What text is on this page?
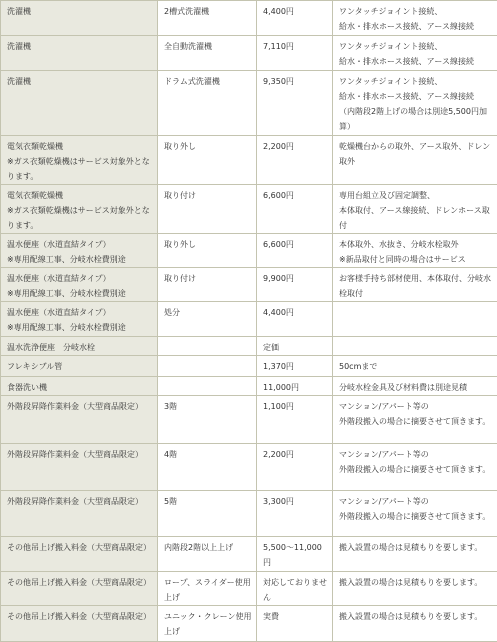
洗濯機	2槽式洗濯機	4,400円	ワンタッチジョイント接続、
給水・排水ホース接続、アース線接続

洗濯機	全自動洗濯機	7,110円	ワンタッチジョイント接続、
給水・排水ホース接続、アース線接続

洗濯機	ドラム式洗濯機	9,350円	ワンタッチジョイント接続、
給水・排水ホース接続、アース線接続
（内階段2階上げの場合は別途5,500円加算）

電気衣類乾燥機
※ガス衣類乾燥機はサービス対象外となります。	取り外し	2,200円	乾燥機台からの取外、アース取外、ドレン取外

電気衣類乾燥機
※ガス衣類乾燥機はサービス対象外となります。	取り付け	6,600円	専用台組立及び固定調整、
本体取付、アース線接続、ドレンホース取付

温水便座（水道直結タイプ）
※専用配線工事、分岐水栓費別途	取り外し	6,600円	本体取外、水抜き、分岐水栓取外
※新品取付と同時の場合はサービス

温水便座（水道直結タイプ）
※専用配線工事、分岐水栓費別途	取り付け	9,900円	お客様手持ち部材使用、本体取付、分岐水栓取付

温水便座（水道直結タイプ）
※専用配線工事、分岐水栓費別途	処分	4,400円	

温水洗浄便座　分岐水栓		定価	

フレキシブル管		1,370円	50cmまで

食器洗い機		11,000円	分岐水栓金具及び材料費は別途見積

外階段昇降作業料金（大型商品限定）	3階	1,100円	マンション/アパート等の
外階段搬入の場合に摘要させて頂きます。

外階段昇降作業料金（大型商品限定）	4階	2,200円	マンション/アパート等の
外階段搬入の場合に摘要させて頂きます。

外階段昇降作業料金（大型商品限定）	5階	3,300円	マンション/アパート等の
外階段搬入の場合に摘要させて頂きます。

その他吊上げ搬入料金（大型商品限定）	内階段2階以上上げ	5,500～11,000円	搬入設置の場合は見積もりを要します。

その他吊上げ搬入料金（大型商品限定）	ロープ、スライダー使用上げ	対応しておりません	搬入設置の場合は見積もりを要します。

その他吊上げ搬入料金（大型商品限定）	ユニック・クレーン使用上げ	実費	搬入設置の場合は見積もりを要します。
